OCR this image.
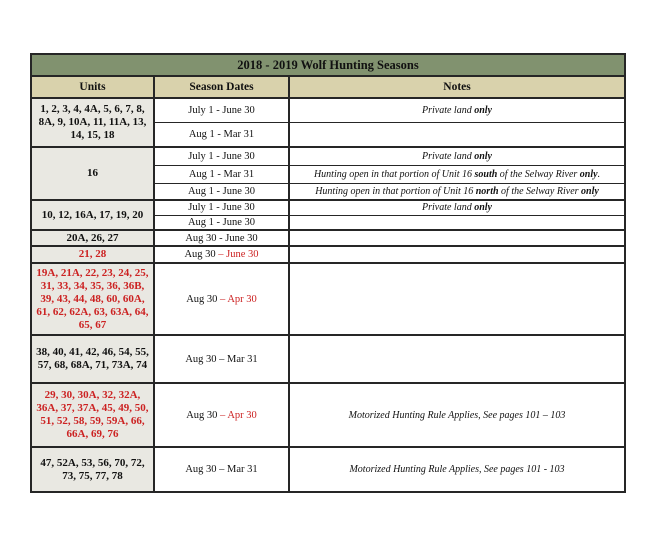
2018 - 2019 Wolf Hunting Seasons		
Units	Season Dates	Notes
1, 2, 3, 4, 4A, 5, 6, 7, 8, 8A, 9, 10A, 11, 11A, 13, 14, 15, 18	July 1 - June 30	Private land only
	Aug 1 - Mar 31	
16	July 1 - June 30	Private land only
	Aug 1 - Mar 31	Hunting open in that portion of Unit 16 south of the Selway River only.
	Aug 1 - June 30	Hunting open in that portion of Unit 16 north of the Selway River only
10, 12, 16A, 17, 19, 20	July 1 - June 30	Private land only
	Aug 1 - June 30	
20A, 26, 27	Aug 30 - June 30	
21, 28	Aug 30 – June 30	
19A, 21A, 22, 23, 24, 25, 31, 33, 34, 35, 36, 36B, 39, 43, 44, 48, 60, 60A, 61, 62, 62A, 63, 63A, 64, 65, 67	Aug 30 – Apr 30	
38, 40, 41, 42, 46, 54, 55, 57, 68, 68A, 71, 73A, 74	Aug 30 – Mar 31	
29, 30, 30A, 32, 32A, 36A, 37, 37A, 45, 49, 50, 51, 52, 58, 59, 59A, 66, 66A, 69, 76	Aug 30 – Apr 30	Motorized Hunting Rule Applies, See pages 101 – 103
47, 52A, 53, 56, 70, 72, 73, 75, 77, 78	Aug 30 – Mar 31	Motorized Hunting Rule Applies, See pages 101 - 103
